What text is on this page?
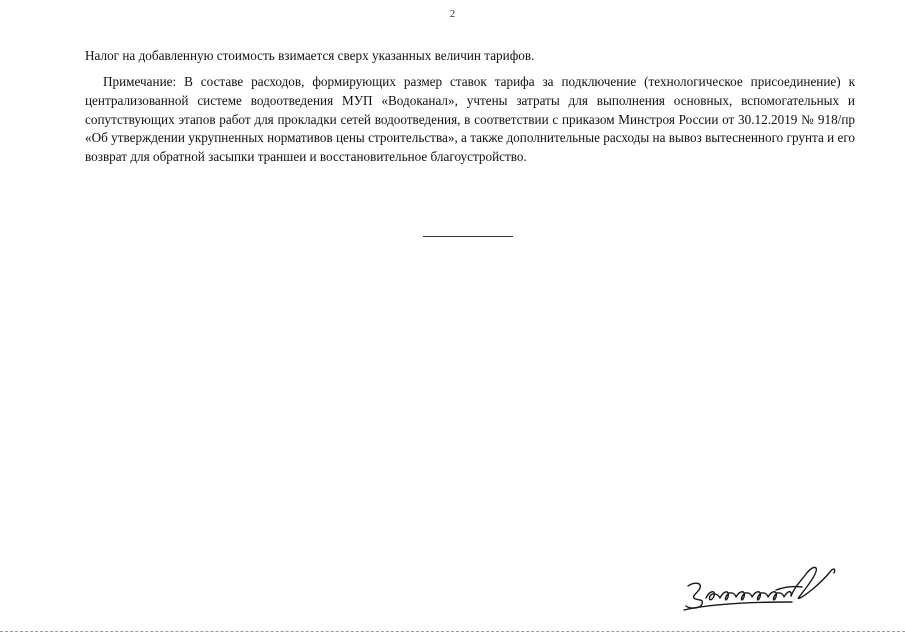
2

Налог на добавленную стоимость взимается сверх указанных величин тарифов.

Примечание: В составе расходов, формирующих размер ставок тарифа за подключение (технологическое присоединение) к централизованной системе водоотведения МУП «Водоканал», учтены затраты для выполнения основных, вспомогательных и сопутствующих этапов работ для прокладки сетей водоотведения, в соответствии с приказом Минстроя России от 30.12.2019 № 918/пр «Об утверждении укрупненных нормативов цены строительства», а также дополнительные расходы на вывоз вытесненного грунта и его возврат для обратной засыпки траншеи и восстановительное благоустройство.
